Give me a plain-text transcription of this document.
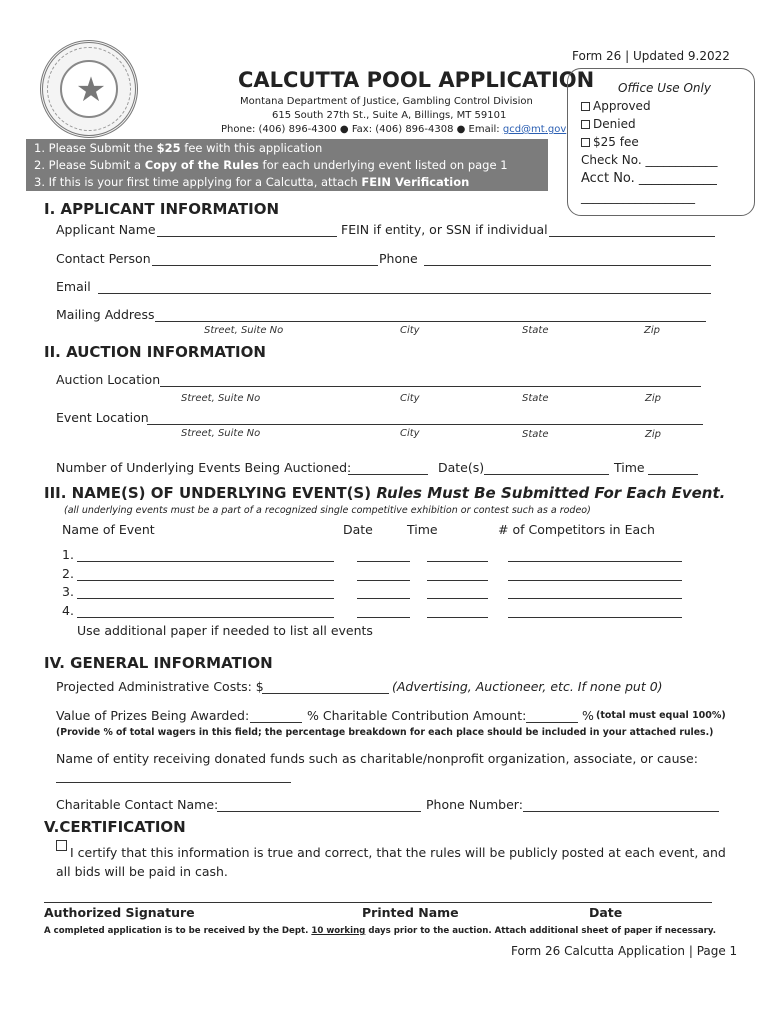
★
Form 26 | Updated 9.2022
CALCUTTA POOL APPLICATION
Montana Department of Justice, Gambling Control Division
615 South 27th St., Suite A, Billings, MT 59101
Phone: (406) 896-4300 ● Fax: (406) 896-4308 ● Email: gcd@mt.gov
1. Please Submit the $25 fee with this application
2. Please Submit a Copy of the Rules for each underlying event listed on page 1
3. If this is your first time applying for a Calcutta, attach FEIN Verification
Office Use Only
Approved
Denied
$25 fee
Check No. ____________
Acct No. ____________
___________________
I. APPLICANT INFORMATION
Applicant Name	FEIN if entity, or SSN if individual
Contact Person	Phone
Email
Mailing Address
Street, Suite No	City	State	Zip
II. AUCTION INFORMATION
Auction Location
Street, Suite No	City	State	Zip
Event Location
Street, Suite No	City	State	Zip
Number of Underlying Events Being Auctioned:	Date(s)	Time
III. NAME(S) OF UNDERLYING EVENT(S) Rules Must Be Submitted For Each Event.
(all underlying events must be a part of a recognized single competitive exhibition or contest such as a rodeo)
Name of Event	Date	Time	# of Competitors in Each
1.
2.
3.
4.
Use additional paper if needed to list all events
IV. GENERAL INFORMATION
Projected Administrative Costs: $	(Advertising, Auctioneer, etc. If none put 0)
Value of Prizes Being Awarded:	% Charitable Contribution Amount:	% (total must equal 100%)
(Provide % of total wagers in this field; the percentage breakdown for each place should be included in your attached rules.)
Name of entity receiving donated funds such as charitable/nonprofit organization, associate, or cause:
Charitable Contact Name:	Phone Number:
V.CERTIFICATION
I certify that this information is true and correct, that the rules will be publicly posted at each event, and
all bids will be paid in cash.
Authorized Signature	Printed Name	Date
A completed application is to be received by the Dept. 10 working days prior to the auction. Attach additional sheet of paper if necessary.
Form 26 Calcutta Application | Page 1
